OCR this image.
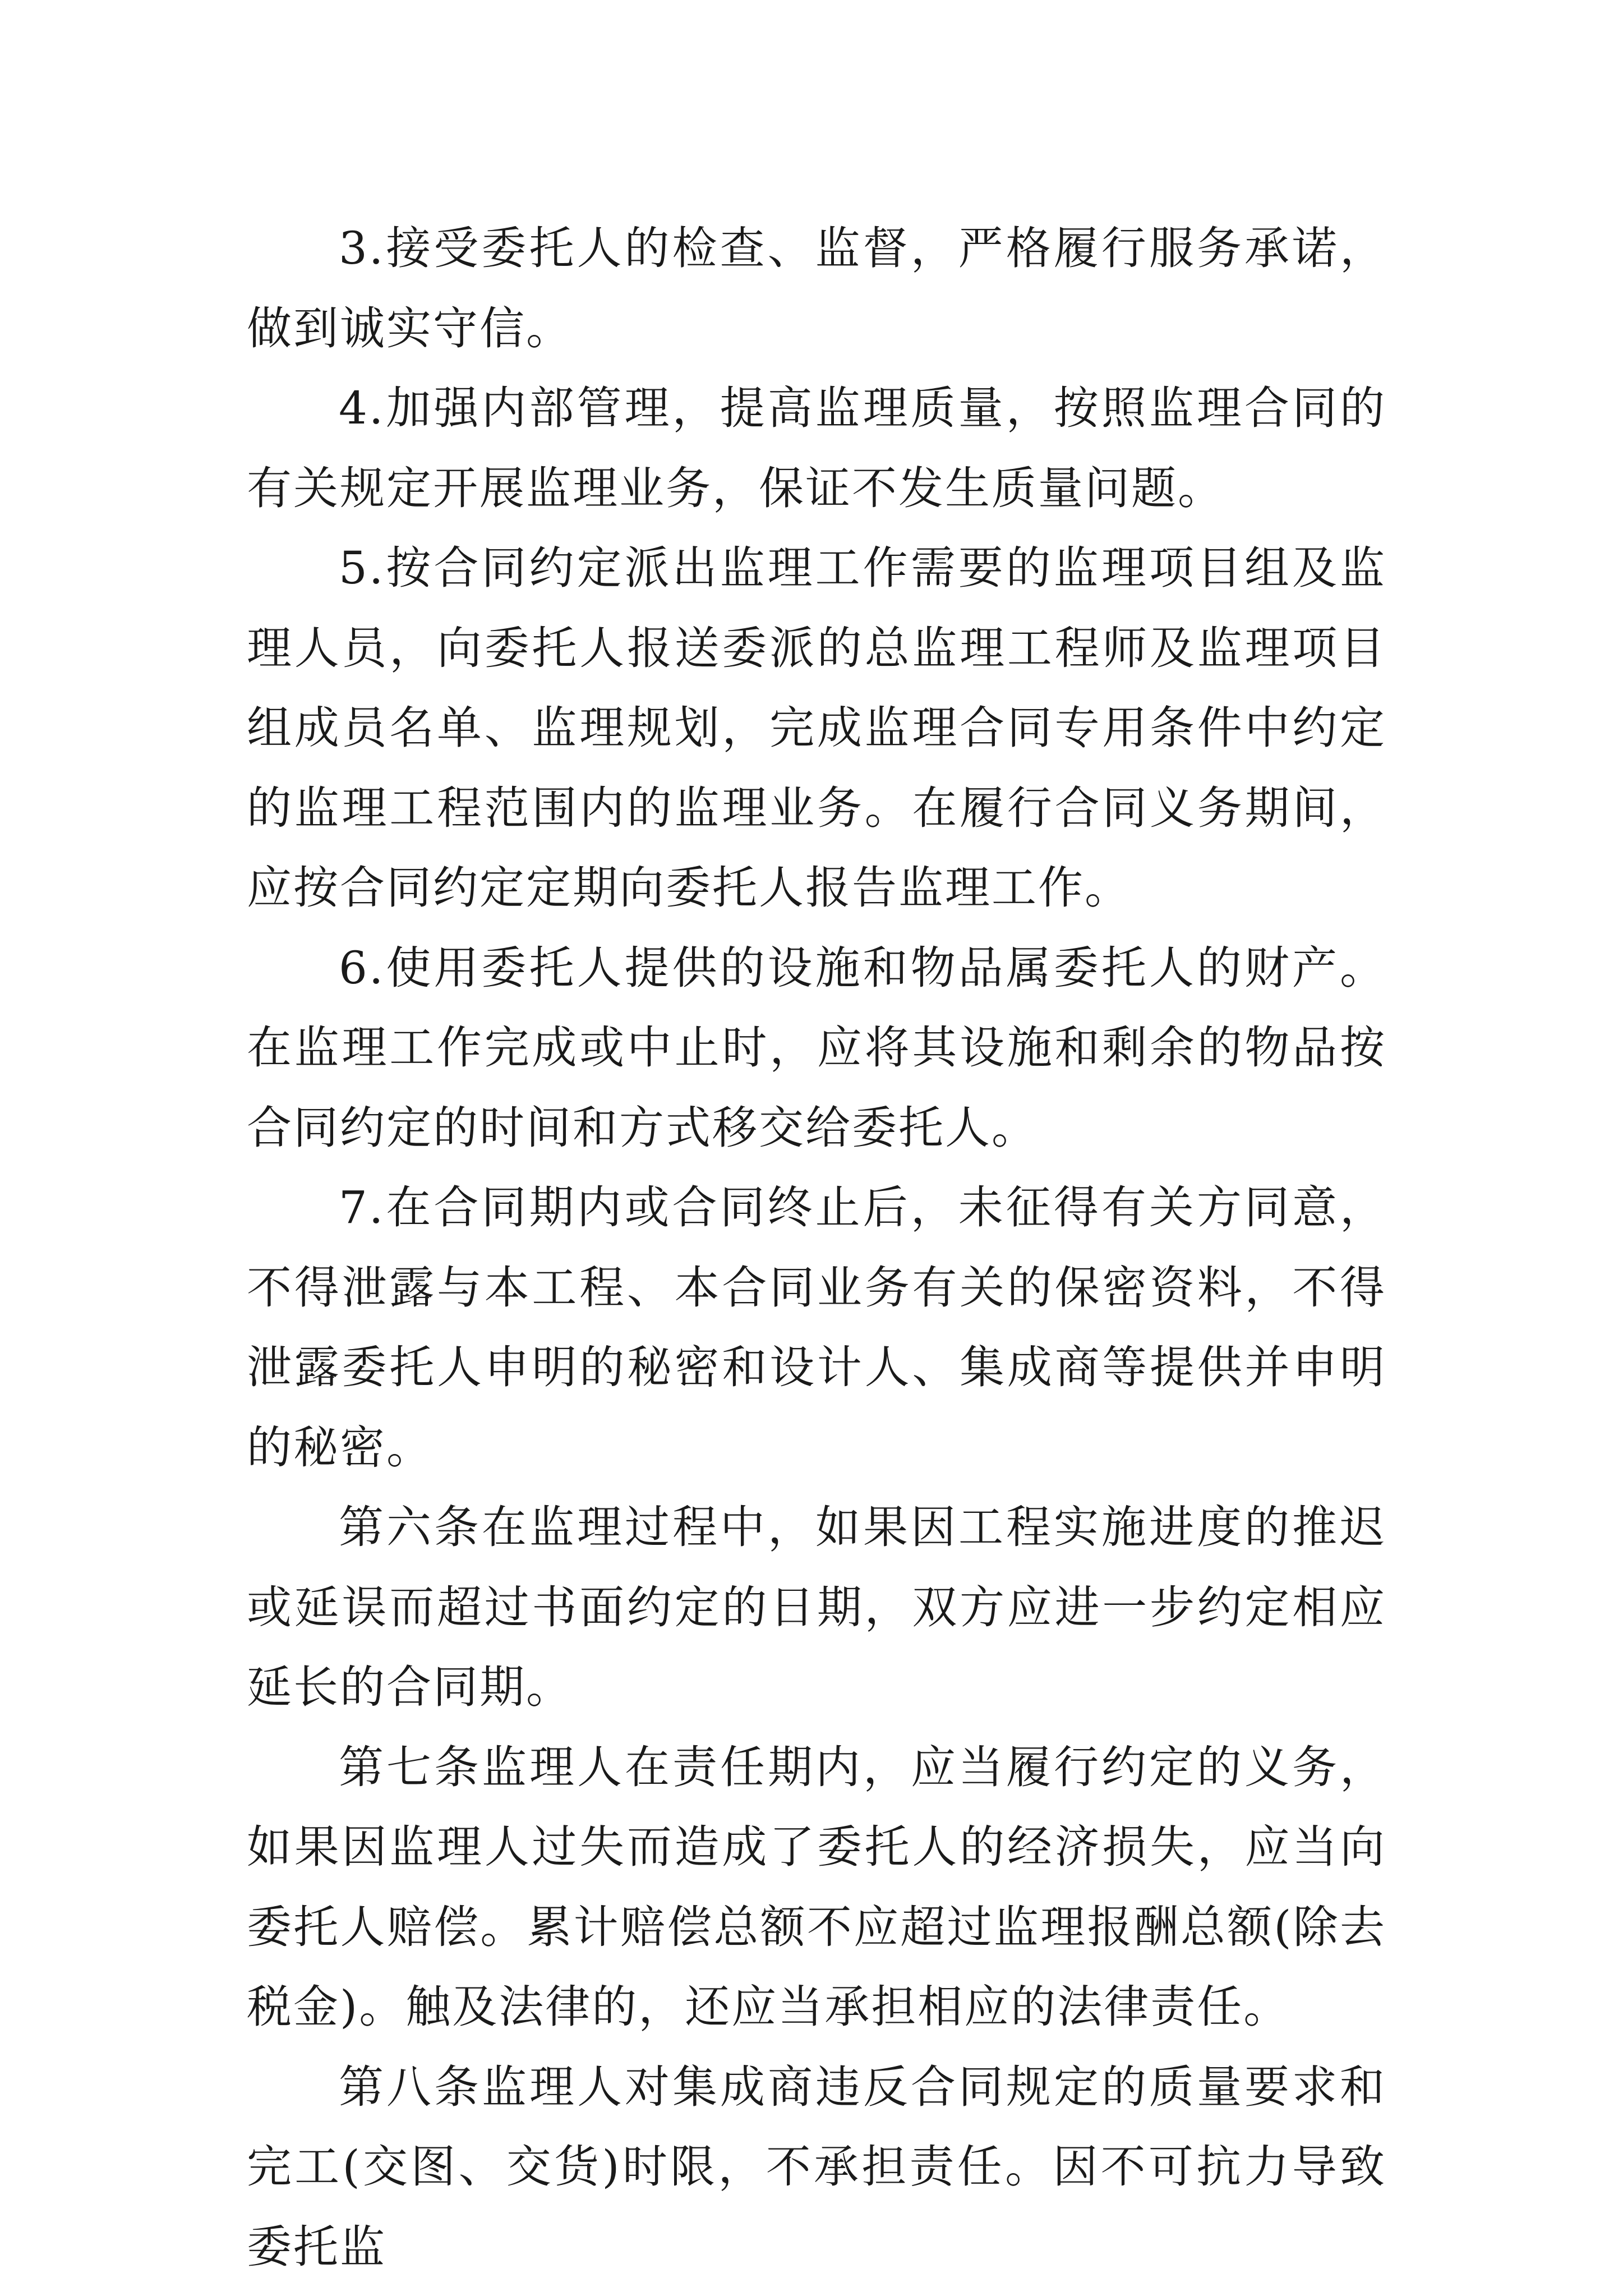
3.接受委托人的检查、监督，严格履行服务承诺，做到诚实守信。

4.加强内部管理，提高监理质量，按照监理合同的有关规定开展监理业务，保证不发生质量问题。

5.按合同约定派出监理工作需要的监理项目组及监理人员，向委托人报送委派的总监理工程师及监理项目组成员名单、监理规划，完成监理合同专用条件中约定的监理工程范围内的监理业务。在履行合同义务期间，应按合同约定定期向委托人报告监理工作。

6.使用委托人提供的设施和物品属委托人的财产。在监理工作完成或中止时，应将其设施和剩余的物品按合同约定的时间和方式移交给委托人。

7.在合同期内或合同终止后，未征得有关方同意，不得泄露与本工程、本合同业务有关的保密资料，不得泄露委托人申明的秘密和设计人、集成商等提供并申明的秘密。

第六条在监理过程中，如果因工程实施进度的推迟或延误而超过书面约定的日期，双方应进一步约定相应延长的合同期。

第七条监理人在责任期内，应当履行约定的义务，如果因监理人过失而造成了委托人的经济损失，应当向委托人赔偿。累计赔偿总额不应超过监理报酬总额(除去税金)。触及法律的，还应当承担相应的法律责任。

第八条监理人对集成商违反合同规定的质量要求和完工(交图、交货)时限，不承担责任。因不可抗力导致委托监
